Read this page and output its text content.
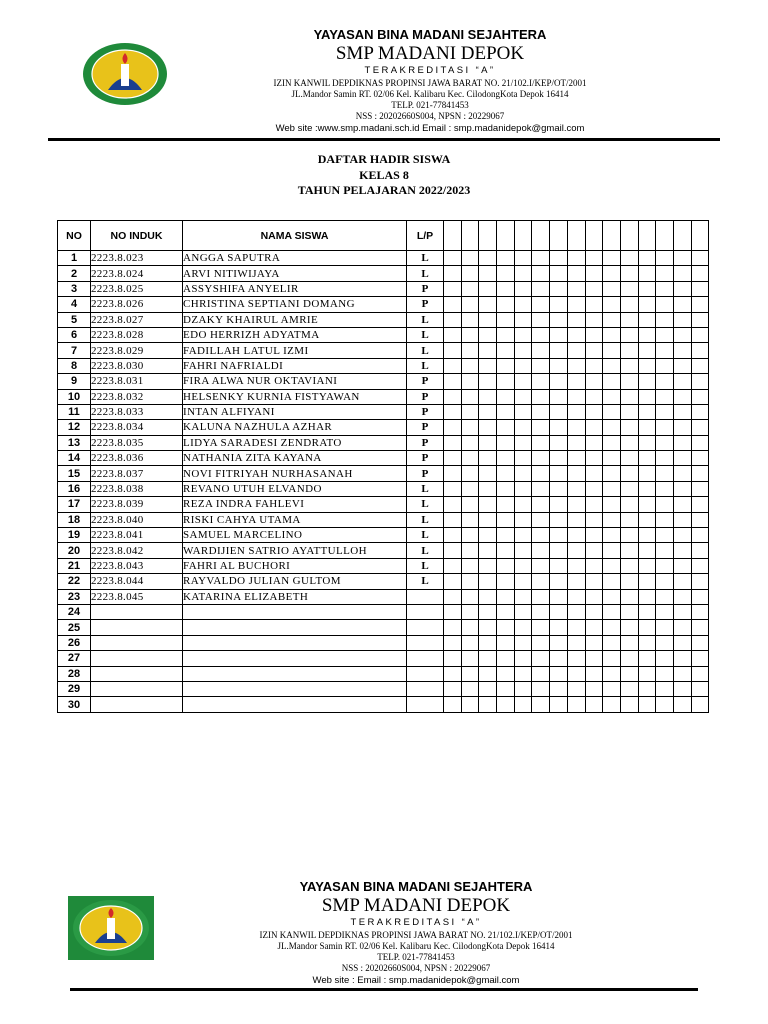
YAYASAN BINA MADANI SEJAHTERA
SMP MADANI DEPOK
TERAKREDITASI “A”
IZIN KANWIL DEPDIKNAS PROPINSI JAWA BARAT NO. 21/102.I/KEP/OT/2001
JL.Mandor Samin RT. 02/06 Kel. Kalibaru Kec. CilodongKota Depok 16414
TELP. 021-77841453
NSS : 20202660S004, NPSN : 20229067
Web site :www.smp.madani.sch.id Email : smp.madanidepok@gmail.com
DAFTAR HADIR SISWA
KELAS 8
TAHUN PELAJARAN 2022/2023
NO	NO INDUK	NAMA SISWA	L/P															
1	2223.8.023	ANGGA SAPUTRA	L															
2	2223.8.024	ARVI NITIWIJAYA	L															
3	2223.8.025	ASSYSHIFA ANYELIR	P															
4	2223.8.026	CHRISTINA SEPTIANI DOMANG	P															
5	2223.8.027	DZAKY KHAIRUL AMRIE	L															
6	2223.8.028	EDO HERRIZH ADYATMA	L															
7	2223.8.029	FADILLAH LATUL IZMI	L															
8	2223.8.030	FAHRI NAFRIALDI	L															
9	2223.8.031	FIRA ALWA NUR OKTAVIANI	P															
10	2223.8.032	HELSENKY KURNIA FISTYAWAN	P															
11	2223.8.033	INTAN ALFIYANI	P															
12	2223.8.034	KALUNA NAZHULA AZHAR	P															
13	2223.8.035	LIDYA SARADESI ZENDRATO	P															
14	2223.8.036	NATHANIA ZITA KAYANA	P															
15	2223.8.037	NOVI FITRIYAH NURHASANAH	P															
16	2223.8.038	REVANO UTUH ELVANDO	L															
17	2223.8.039	REZA INDRA FAHLEVI	L															
18	2223.8.040	RISKI CAHYA UTAMA	L															
19	2223.8.041	SAMUEL MARCELINO	L															
20	2223.8.042	WARDIJIEN SATRIO AYATTULLOH	L															
21	2223.8.043	FAHRI AL BUCHORI	L															
22	2223.8.044	RAYVALDO JULIAN GULTOM	L															
23	2223.8.045	KATARINA ELIZABETH																
24																		
25																		
26																		
27																		
28																		
29																		
30																		
YAYASAN BINA MADANI SEJAHTERA
SMP MADANI DEPOK
TERAKREDITASI “A”
IZIN KANWIL DEPDIKNAS PROPINSI JAWA BARAT NO. 21/102.I/KEP/OT/2001
JL.Mandor Samin RT. 02/06 Kel. Kalibaru Kec. CilodongKota Depok 16414
TELP. 021-77841453
NSS : 20202660S004, NPSN : 20229067
Web site : Email : smp.madanidepok@gmail.com
